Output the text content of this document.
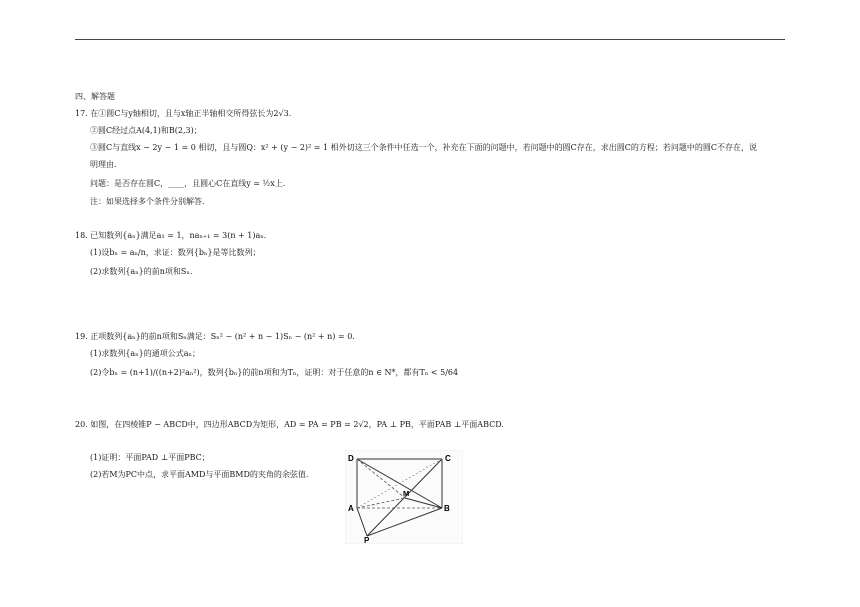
四、解答题
17. 在①圆C与y轴相切，且与x轴正半轴相交所得弦长为2√3.
②圆C经过点A(4,1)和B(2,3)；
③圆C与直线x − 2y − 1 = 0 相切，且与圆Q：x² + (y − 2)² = 1 相外切这三个条件中任选一个，补充在下面的问题中，若问题中的圆C存在，求出圆C的方程；若问题中的圆C不存在，说
明理由.
问题：是否存在圆C，____，且圆心C在直线y = ½x上.
注：如果选择多个条件分别解答.
18. 已知数列{aₙ}满足a₁ = 1，naₙ₊₁ = 3(n + 1)aₙ.
(1)设bₙ = aₙ/n，求证：数列{bₙ}是等比数列；
(2)求数列{aₙ}的前n项和Sₙ.
19. 正项数列{aₙ}的前n项和Sₙ满足：Sₙ² − (n² + n − 1)Sₙ − (n² + n) = 0.
(1)求数列{aₙ}的通项公式aₙ；
(2)令bₙ = (n+1)/((n+2)²aₙ²)，数列{bₙ}的前n项和为Tₙ，证明：对于任意的n ∈ N*，都有Tₙ < 5/64
20. 如图，在四棱锥P − ABCD中，四边形ABCD为矩形，AD = PA = PB = 2√2，PA ⊥ PB，平面PAB ⊥平面ABCD.
(1)证明：平面PAD ⊥平面PBC；
(2)若M为PC中点，求平面AMD与平面BMD的夹角的余弦值.
D	C
M
A	B
P
